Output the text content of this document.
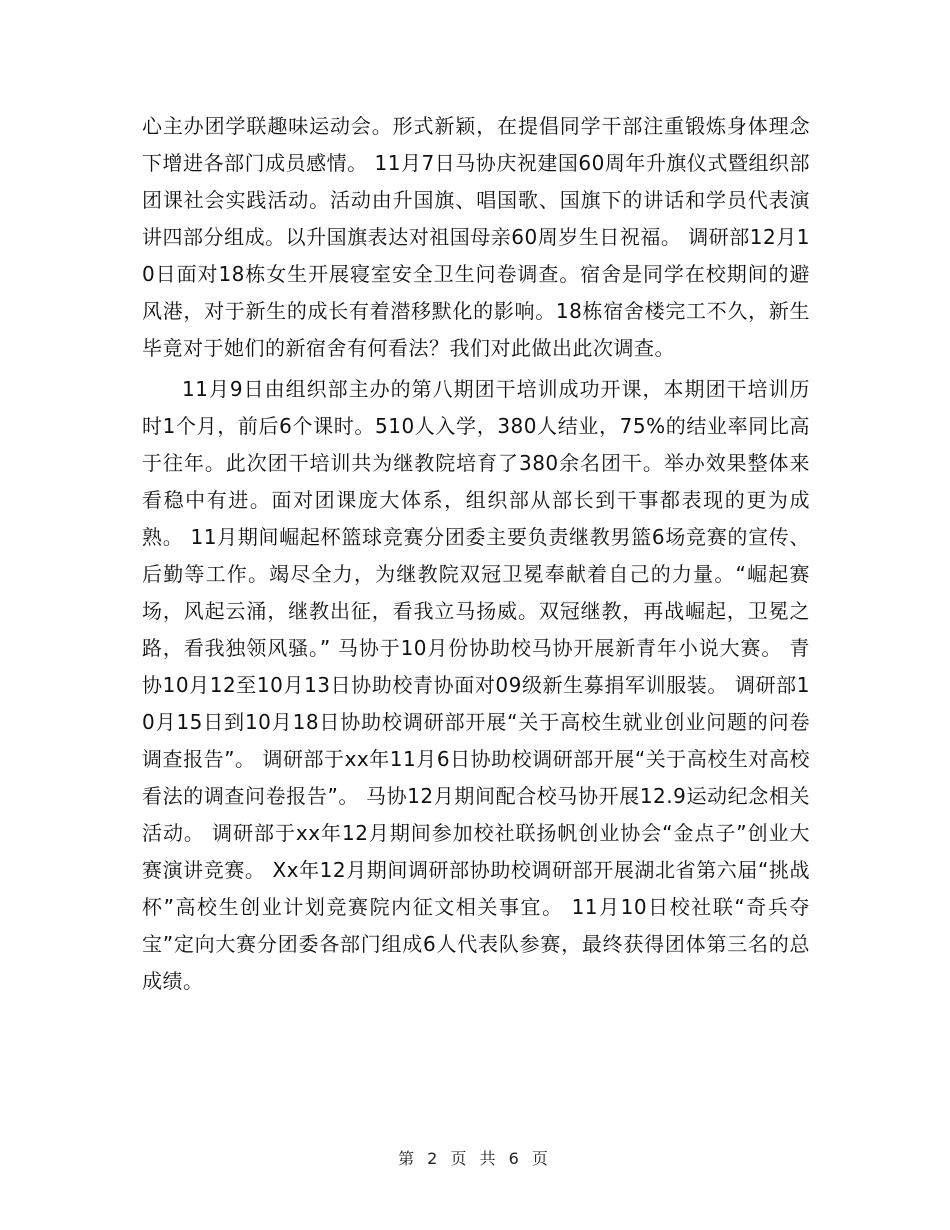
心主办团学联趣味运动会。形式新颖，在提倡同学干部注重锻炼身体理念下增进各部门成员感情。 11月7日马协庆祝建国60周年升旗仪式暨组织部团课社会实践活动。活动由升国旗、唱国歌、国旗下的讲话和学员代表演讲四部分组成。以升国旗表达对祖国母亲60周岁生日祝福。 调研部12月10日面对18栋女生开展寝室安全卫生问卷调查。宿舍是同学在校期间的避风港，对于新生的成长有着潜移默化的影响。18栋宿舍楼完工不久，新生毕竟对于她们的新宿舍有何看法？我们对此做出此次调查。

11月9日由组织部主办的第八期团干培训成功开课，本期团干培训历时1个月，前后6个课时。510人入学，380人结业，75%的结业率同比高于往年。此次团干培训共为继教院培育了380余名团干。举办效果整体来看稳中有进。面对团课庞大体系，组织部从部长到干事都表现的更为成熟。 11月期间崛起杯篮球竞赛分团委主要负责继教男篮6场竞赛的宣传、后勤等工作。竭尽全力，为继教院双冠卫冕奉献着自己的力量。“崛起赛场，风起云涌，继教出征，看我立马扬威。双冠继教，再战崛起，卫冕之路，看我独领风骚。” 马协于10月份协助校马协开展新青年小说大赛。 青协10月12至10月13日协助校青协面对09级新生募捐军训服装。 调研部10月15日到10月18日协助校调研部开展“关于高校生就业创业问题的问卷调查报告”。 调研部于xx年11月6日协助校调研部开展“关于高校生对高校看法的调查问卷报告”。 马协12月期间配合校马协开展12.9运动纪念相关活动。 调研部于xx年12月期间参加校社联扬帆创业协会“金点子”创业大赛演讲竞赛。 Xx年12月期间调研部协助校调研部开展湖北省第六届“挑战杯”高校生创业计划竞赛院内征文相关事宜。 11月10日校社联“奇兵夺宝”定向大赛分团委各部门组成6人代表队参赛，最终获得团体第三名的总成绩。

第 2 页 共 6 页
